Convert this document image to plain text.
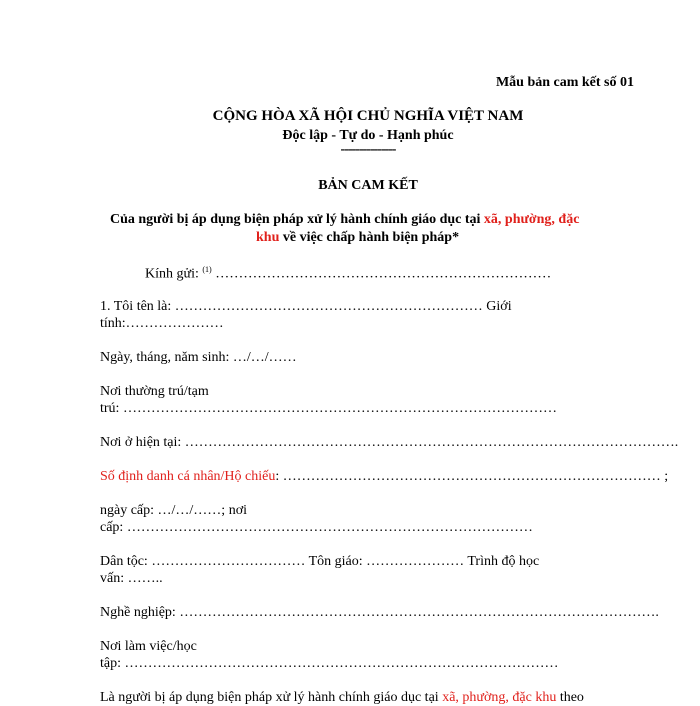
Mẫu bản cam kết số 01
CỘNG HÒA XÃ HỘI CHỦ NGHĨA VIỆT NAM
Độc lập - Tự do - Hạnh phúc
---------------
BẢN CAM KẾT
Của người bị áp dụng biện pháp xử lý hành chính giáo dục tại xã, phường, đặc
khu về việc chấp hành biện pháp*
Kính gửi: $^{(1)}$ ………………………………………………………………
1. Tôi tên là: ………………………………………………………… Giới
tính:…………………
Ngày, tháng, năm sinh: …/…/……
Nơi thường trú/tạm
trú: …………………………………………………………………………………
Nơi ở hiện tại: …………………………………………………………………………………………….
Số định danh cá nhân/Hộ chiếu: ……………………………………………………………………… ;
ngày cấp: …/…/……; nơi
cấp: ……………………………………………………………………………
Dân tộc: …………………………… Tôn giáo: ………………… Trình độ học
vấn: ……..
Nghề nghiệp: ………………………………………………………………………………………….
Nơi làm việc/học
tập: …………………………………………………………………………………
Là người bị áp dụng biện pháp xử lý hành chính giáo dục tại xã, phường, đặc khu theo
